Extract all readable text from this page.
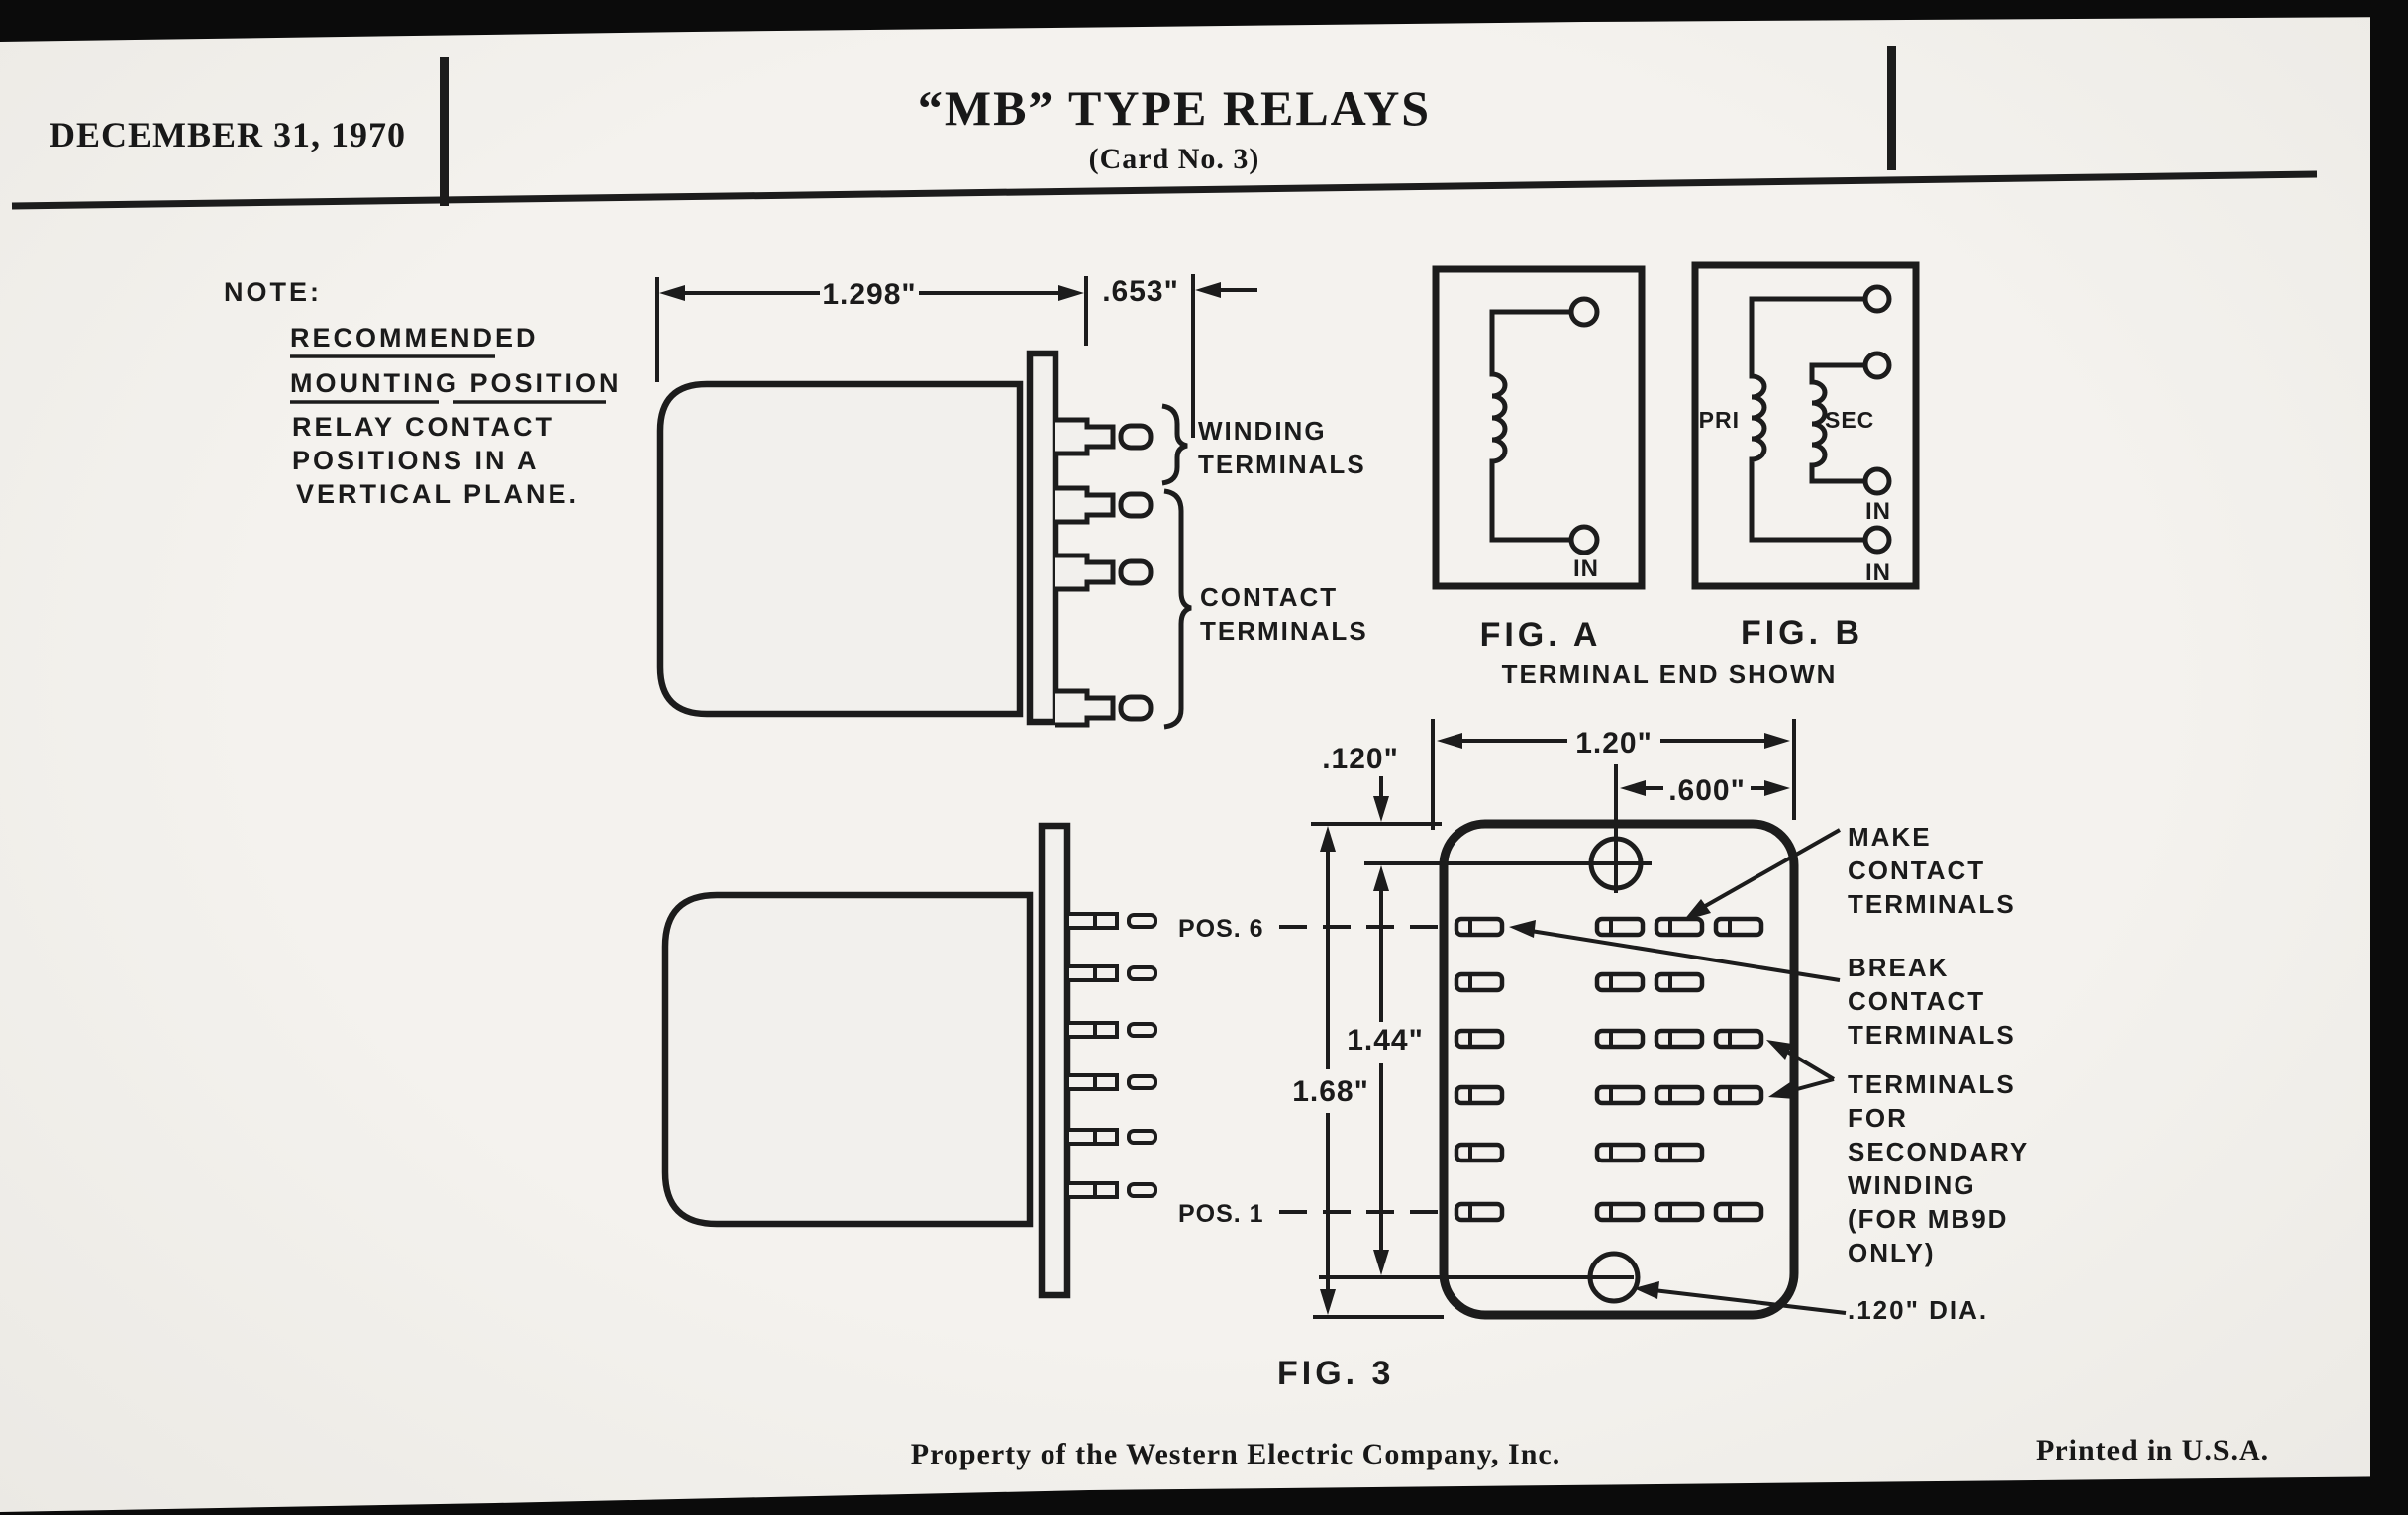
DECEMBER 31, 1970	“MB” TYPE RELAYS
(Card No. 3)
NOTE:
RECOMMENDED
MOUNTING POSITION
RELAY CONTACT
POSITIONS IN A
VERTICAL PLANE.
1.298"	.653"
WINDING
TERMINALS
CONTACT
TERMINALS
IN
FIG. A
PRI	SEC
IN
IN
FIG. B
TERMINAL END SHOWN
POS. 6
POS. 1
.120"	1.20"
.600"
1.68"
1.44"
MAKE
CONTACT
TERMINALS
BREAK
CONTACT
TERMINALS
TERMINALS
FOR
SECONDARY
WINDING
(FOR MB9D
ONLY)
.120" DIA.
FIG. 3
Property of the Western Electric Company, Inc.	Printed in U.S.A.
